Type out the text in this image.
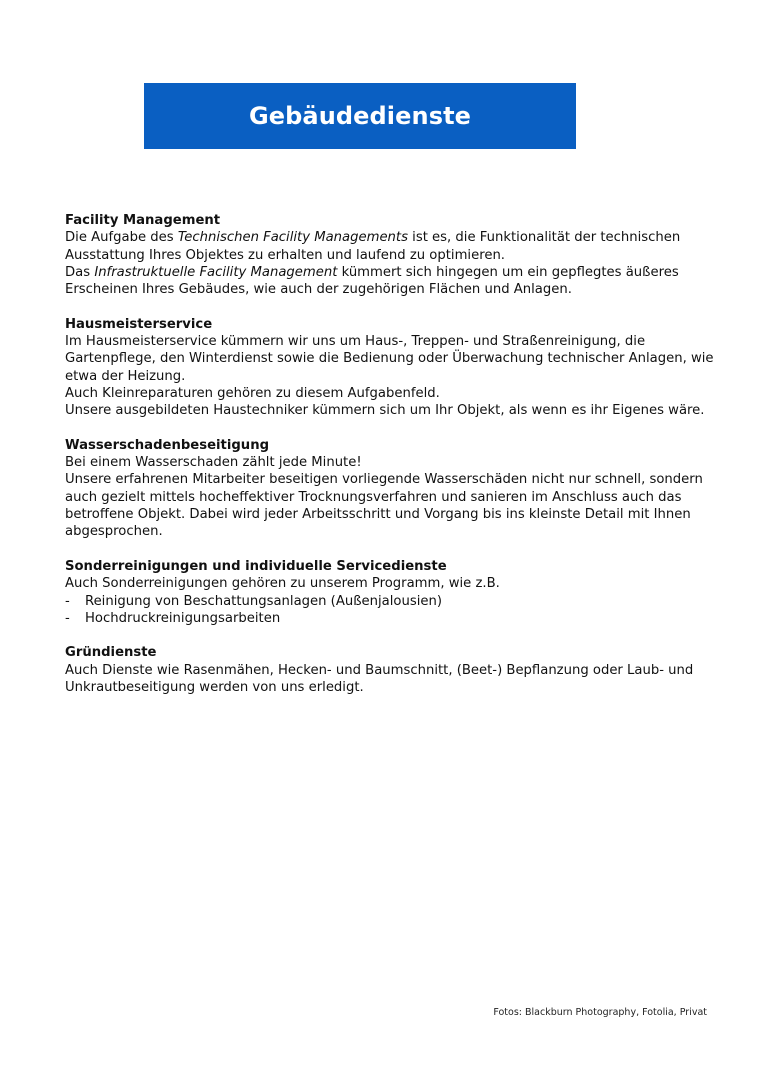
Gebäudedienste
Facility Management

Die Aufgabe des Technischen Facility Managements ist es, die Funktionalität der technischen Ausstattung Ihres Objektes zu erhalten und laufend zu optimieren.

Das Infrastruktuelle Facility Management kümmert sich hingegen um ein gepflegtes äußeres Erscheinen Ihres Gebäudes, wie auch der zugehörigen Flächen und Anlagen.

Hausmeisterservice

Im Hausmeisterservice kümmern wir uns um Haus-, Treppen- und Straßenreinigung, die Gartenpflege, den Winterdienst sowie die Bedienung oder Überwachung technischer Anlagen, wie etwa der Heizung.

Auch Kleinreparaturen gehören zu diesem Aufgabenfeld.

Unsere ausgebildeten Haustechniker kümmern sich um Ihr Objekt, als wenn es ihr Eigenes wäre.

Wasserschadenbeseitigung

Bei einem Wasserschaden zählt jede Minute!

Unsere erfahrenen Mitarbeiter beseitigen vorliegende Wasserschäden nicht nur schnell, sondern auch gezielt mittels hocheffektiver Trocknungsverfahren und sanieren im Anschluss auch das betroffene Objekt. Dabei wird jeder Arbeitsschritt und Vorgang bis ins kleinste Detail mit Ihnen abgesprochen.

Sonderreinigungen und individuelle Servicedienste

Auch Sonderreinigungen gehören zu unserem Programm, wie z.B.

-	Reinigung von Beschattungsanlagen (Außenjalousien)
-	Hochdruckreinigungsarbeiten
Gründienste

Auch Dienste wie Rasenmähen, Hecken- und Baumschnitt, (Beet-) Bepflanzung oder Laub- und Unkrautbeseitigung werden von uns erledigt.

Fotos: Blackburn Photography, Fotolia, Privat
